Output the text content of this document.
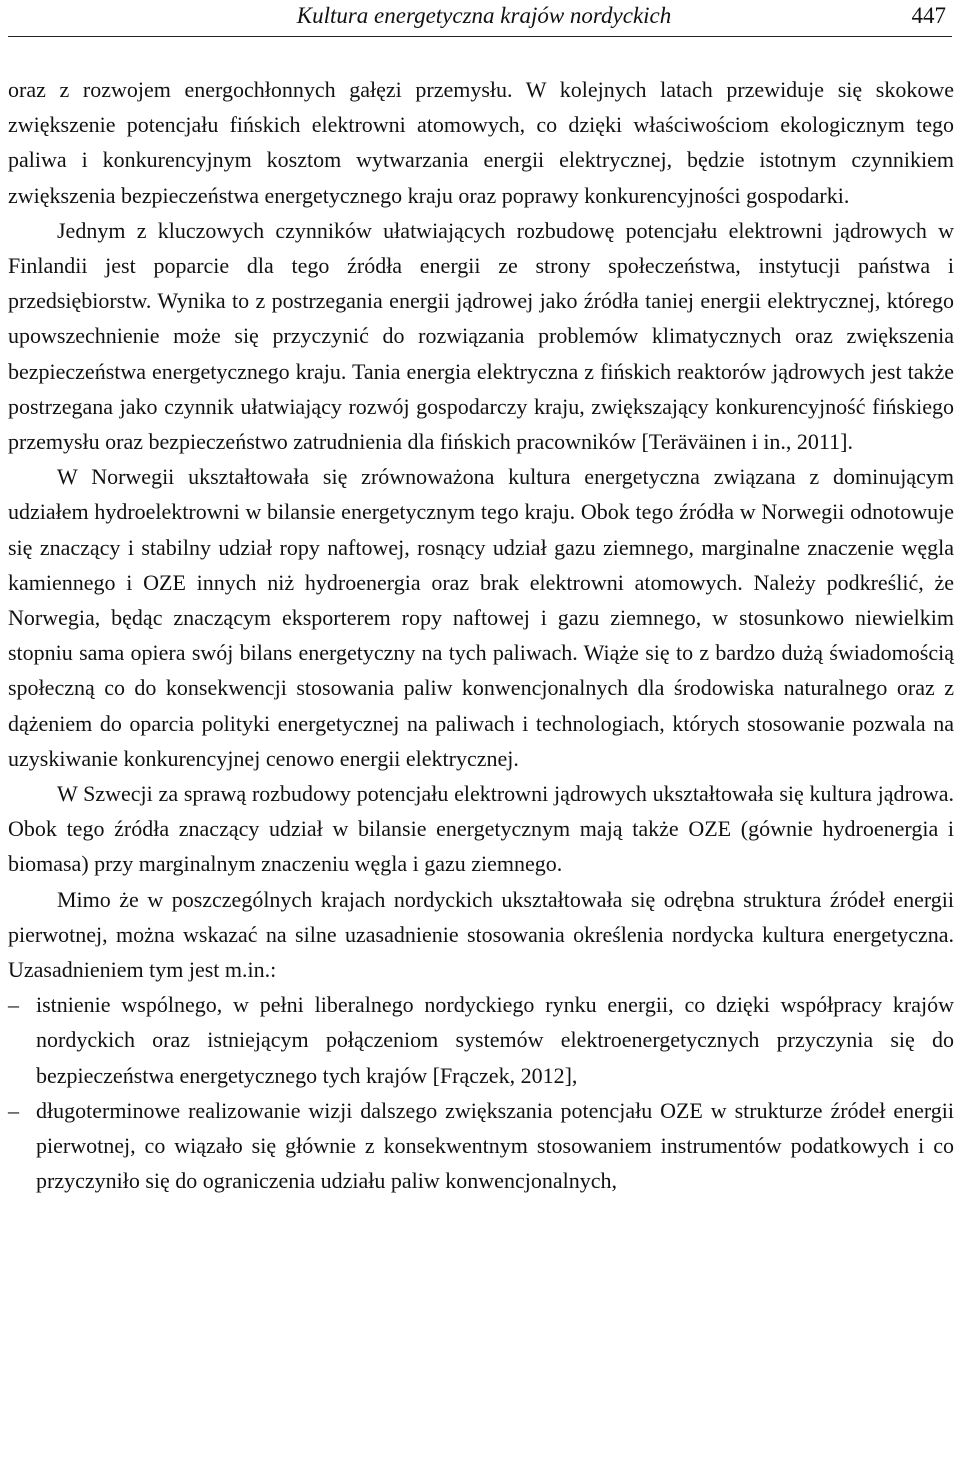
Kultura energetyczna krajów nordyckich	447

oraz z rozwojem energochłonnych gałęzi przemysłu. W kolejnych latach przewiduje się skokowe zwiększenie potencjału fińskich elektrowni atomowych, co dzięki właściwościom ekologicznym tego paliwa i konkurencyjnym kosztom wytwarzania energii elektrycznej, będzie istotnym czynnikiem zwiększenia bezpieczeństwa energetycznego kraju oraz poprawy konkurencyjności gospodarki.

Jednym z kluczowych czynników ułatwiających rozbudowę potencjału elektrowni jądrowych w Finlandii jest poparcie dla tego źródła energii ze strony społeczeństwa, instytucji państwa i przedsiębiorstw. Wynika to z postrzegania energii jądrowej jako źródła taniej energii elektrycznej, którego upowszechnienie może się przyczynić do rozwiązania problemów klimatycznych oraz zwiększenia bezpieczeństwa energetycznego kraju. Tania energia elektryczna z fińskich reaktorów jądrowych jest także postrzegana jako czynnik ułatwiający rozwój gospodarczy kraju, zwiększający konkurencyjność fińskiego przemysłu oraz bezpieczeństwo zatrudnienia dla fińskich pracowników [Teräväinen i in., 2011].

W Norwegii ukształtowała się zrównoważona kultura energetyczna związana z dominującym udziałem hydroelektrowni w bilansie energetycznym tego kraju. Obok tego źródła w Norwegii odnotowuje się znaczący i stabilny udział ropy naftowej, rosnący udział gazu ziemnego, marginalne znaczenie węgla kamiennego i OZE innych niż hydroenergia oraz brak elektrowni atomowych. Należy podkreślić, że Norwegia, będąc znaczącym eksporterem ropy naftowej i gazu ziemnego, w stosunkowo niewielkim stopniu sama opiera swój bilans energetyczny na tych paliwach. Wiąże się to z bardzo dużą świadomością społeczną co do konsekwencji stosowania paliw konwencjonalnych dla środowiska naturalnego oraz z dążeniem do oparcia polityki energetycznej na paliwach i technologiach, których stosowanie pozwala na uzyskiwanie konkurencyjnej cenowo energii elektrycznej.

W Szwecji za sprawą rozbudowy potencjału elektrowni jądrowych ukształtowała się kultura jądrowa. Obok tego źródła znaczący udział w bilansie energetycznym mają także OZE (gównie hydroenergia i biomasa) przy marginalnym znaczeniu węgla i gazu ziemnego.

Mimo że w poszczególnych krajach nordyckich ukształtowała się odrębna struktura źródeł energii pierwotnej, można wskazać na silne uzasadnienie stosowania określenia nordycka kultura energetyczna. Uzasadnieniem tym jest m.in.:

– istnienie wspólnego, w pełni liberalnego nordyckiego rynku energii, co dzięki współpracy krajów nordyckich oraz istniejącym połączeniom systemów elektroenergetycznych przyczynia się do bezpieczeństwa energetycznego tych krajów [Frączek, 2012],
– długoterminowe realizowanie wizji dalszego zwiększania potencjału OZE w strukturze źródeł energii pierwotnej, co wiązało się głównie z konsekwentnym stosowaniem instrumentów podatkowych i co przyczyniło się do ograniczenia udziału paliw konwencjonalnych,
